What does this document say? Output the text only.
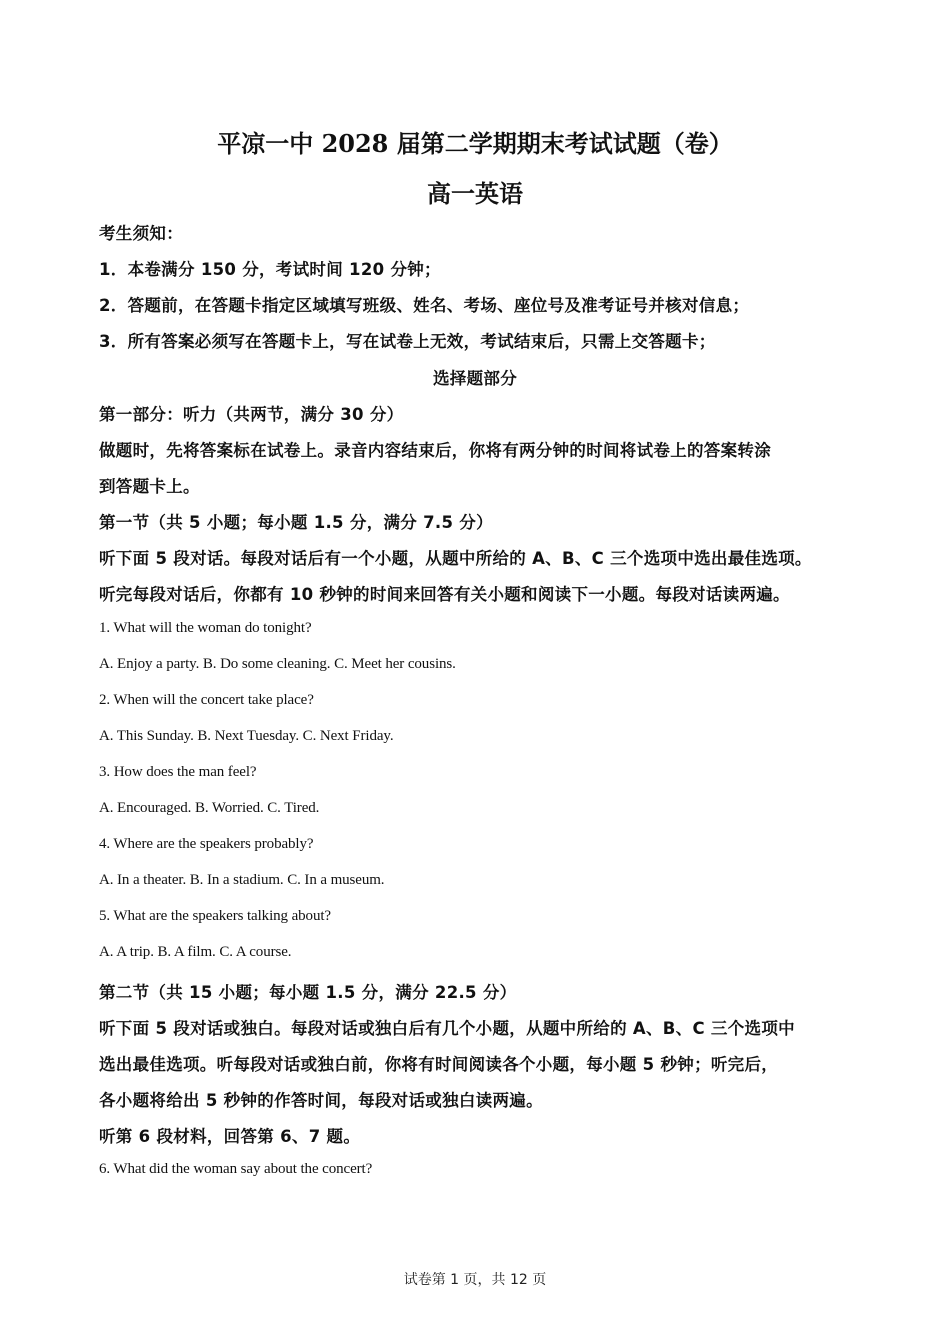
平凉一中 2028 届第二学期期末考试试题（卷）
高一英语
考生须知：
1．本卷满分 150 分，考试时间 120 分钟；
2．答题前，在答题卡指定区域填写班级、姓名、考场、座位号及准考证号并核对信息；
3．所有答案必须写在答题卡上，写在试卷上无效，考试结束后，只需上交答题卡；
选择题部分
第一部分：听力（共两节，满分 30 分）
做题时，先将答案标在试卷上。录音内容结束后，你将有两分钟的时间将试卷上的答案转涂
到答题卡上。
第一节（共 5 小题；每小题 1.5 分，满分 7.5 分）
听下面 5 段对话。每段对话后有一个小题，从题中所给的 A、B、C 三个选项中选出最佳选项。
听完每段对话后，你都有 10 秒钟的时间来回答有关小题和阅读下一小题。每段对话读两遍。
1. What will the woman do tonight?
A. Enjoy a party. B. Do some cleaning. C. Meet her cousins.
2. When will the concert take place?
A. This Sunday. B. Next Tuesday. C. Next Friday.
3. How does the man feel?
A. Encouraged. B. Worried. C. Tired.
4. Where are the speakers probably?
A. In a theater. B. In a stadium. C. In a museum.
5. What are the speakers talking about?
A. A trip. B. A film. C. A course.
第二节（共 15 小题；每小题 1.5 分，满分 22.5 分）
听下面 5 段对话或独白。每段对话或独白后有几个小题，从题中所给的 A、B、C 三个选项中
选出最佳选项。听每段对话或独白前，你将有时间阅读各个小题，每小题 5 秒钟；听完后，
各小题将给出 5 秒钟的作答时间，每段对话或独白读两遍。
听第 6 段材料，回答第 6、7 题。
6. What did the woman say about the concert?
试卷第 1 页，共 12 页
